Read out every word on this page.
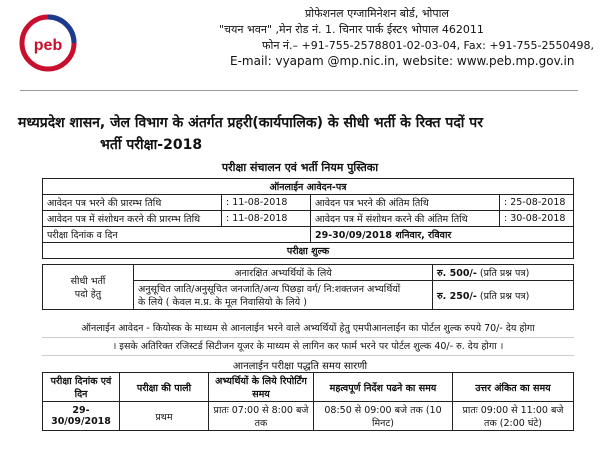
peb
प्रोफेशनल एग्जामिनेशन बोर्ड, भोपाल
"चयन भवन" ,मेन रोड नं. 1. चिनार पार्क ईस्ट९ भोपाल 462011
फोन नं.– +91-755-2578801-02-03-04, Fax: +91-755-2550498,
E-mail: vyapam @mp.nic.in, website: www.peb.mp.gov.in
मध्यप्रदेश शासन, जेल विभाग के अंतर्गत प्रहरी(कार्यपालिक) के सीधी भर्ती के रिक्त पदों पर
भर्ती परीक्षा-2018
परीक्षा संचालन एवं भर्ती नियम पुस्तिका
ऑनलाईन आवेदन-पत्र			
आवेदन पत्र भरने की प्रारम्भ तिथि	: 11-08-2018	आवेदन पत्र भरने की अंतिम तिथि	: 25-08-2018
आवेदन पत्र में संशोधन करने की प्रारम्भ तिथि	: 11-08-2018	आवेदन पत्र में संशोधन करने की अंतिम तिथि	: 30-08-2018
परीक्षा दिनांक व दिन		29-30/09/2018 शनिवार, रविवार	
परीक्षा शुल्क			
सीधी भर्ती
पदो हेतु	अनारक्षित अभ्यर्थियों के लिये	रु. 500/- (प्रति प्रश्न पत्र)

	अनुसूचित जाति/अनुसूचित जनजाति/अन्य पिछड़ा वर्ग/ नि:शक्तजन अभ्यर्थियों
के लिये ( केवल म.प्र. के मूल निवासियो के लिये )	रु. 250/- (प्रति प्रश्न पत्र)
ऑनलाईन आवेदन - कियोस्क के माध्यम से आनलाईन भरने वाले अभ्यर्थियों हेतु एमपीआनलाईन का पोर्टल शुल्क रुपये 70/- देय होगा
। इसके अतिरिक्त रजिस्टर्ड सिटीजन यूजर के माध्यम से लागिन कर फार्म भरने पर पोर्टल शुल्क 40/- रु. देय होगा ।
आनलाईन परीक्षा पद्धति समय सारणी
परीक्षा दिनांक एवं दिन	परीक्षा की पाली	अभ्यर्थियों के लिये रिपोर्टिंग समय	महत्वपूर्ण निर्देश पढने का समय	उत्तर अंकित का समय
29-30/09/2018	प्रथम	प्रातः 07:00 से 8:00 बजे तक	08:50 से 09:00 बजे तक (10 मिनट)	प्रातः 09:00 से 11:00 बजे तक (2:00 घंटे)
